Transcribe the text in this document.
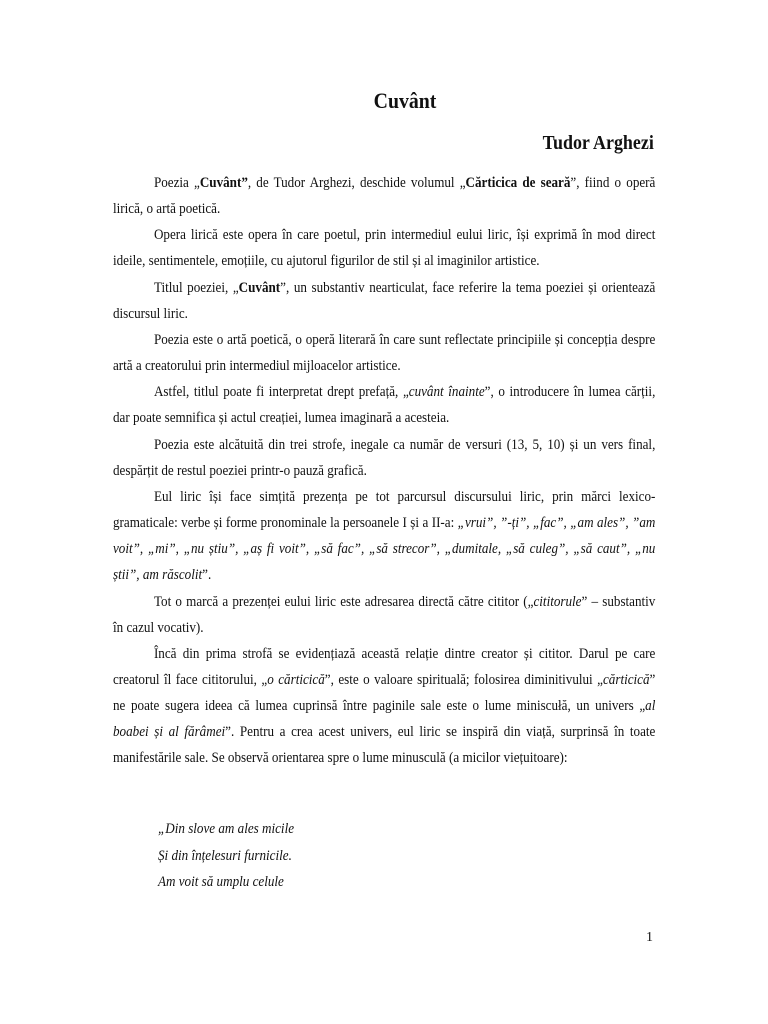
Cuvânt
Tudor Arghezi

Poezia „Cuvânt”, de Tudor Arghezi, deschide volumul „Cărticica de seară”, fiind o operă lirică, o artă poetică.

Opera lirică este opera în care poetul, prin intermediul eului liric, își exprimă în mod direct ideile, sentimentele, emoțiile, cu ajutorul figurilor de stil și al imaginilor artistice.

Titlul poeziei, „Cuvânt”, un substantiv nearticulat, face referire la tema poeziei și orientează discursul liric.

Poezia este o artă poetică, o operă literară în care sunt reflectate principiile și concepția despre artă a creatorului prin intermediul mijloacelor artistice.

Astfel, titlul poate fi interpretat drept prefață, „cuvânt înainte”, o introducere în lumea cărții, dar poate semnifica și actul creației, lumea imaginară a acesteia.

Poezia este alcătuită din trei strofe, inegale ca număr de versuri (13, 5, 10) și un vers final, despărțit de restul poeziei printr-o pauză grafică.

Eul liric își face simțită prezența pe tot parcursul discursului liric, prin mărci lexico-gramaticale: verbe și forme pronominale la persoanele I și a II-a: „vrui”, ”-ți”, „fac”, „am ales”, ”am voit”, „mi”, „nu știu”, „aș fi voit”, „să fac”, „să strecor”, „dumitale, „să culeg”, „să caut”, „nu știi”, am răscolit”.

Tot o marcă a prezenței eului liric este adresarea directă către cititor („cititorule” – substantiv în cazul vocativ).

Încă din prima strofă se evidențiază această relație dintre creator și cititor. Darul pe care creatorul îl face cititorului, „o cărticică”, este o valoare spirituală; folosirea diminitivului „cărticică” ne poate sugera ideea că lumea cuprinsă între paginile sale este o lume miniscułă, un univers „al boabei și al fărâmei”. Pentru a crea acest univers, eul liric se inspiră din viață, surprinsă în toate manifestările sale. Se observă orientarea spre o lume minusculă (a micilor viețuitoare):

„Din slove am ales micile
Și din înțelesuri furnicile.
Am voit să umplu celule
1
